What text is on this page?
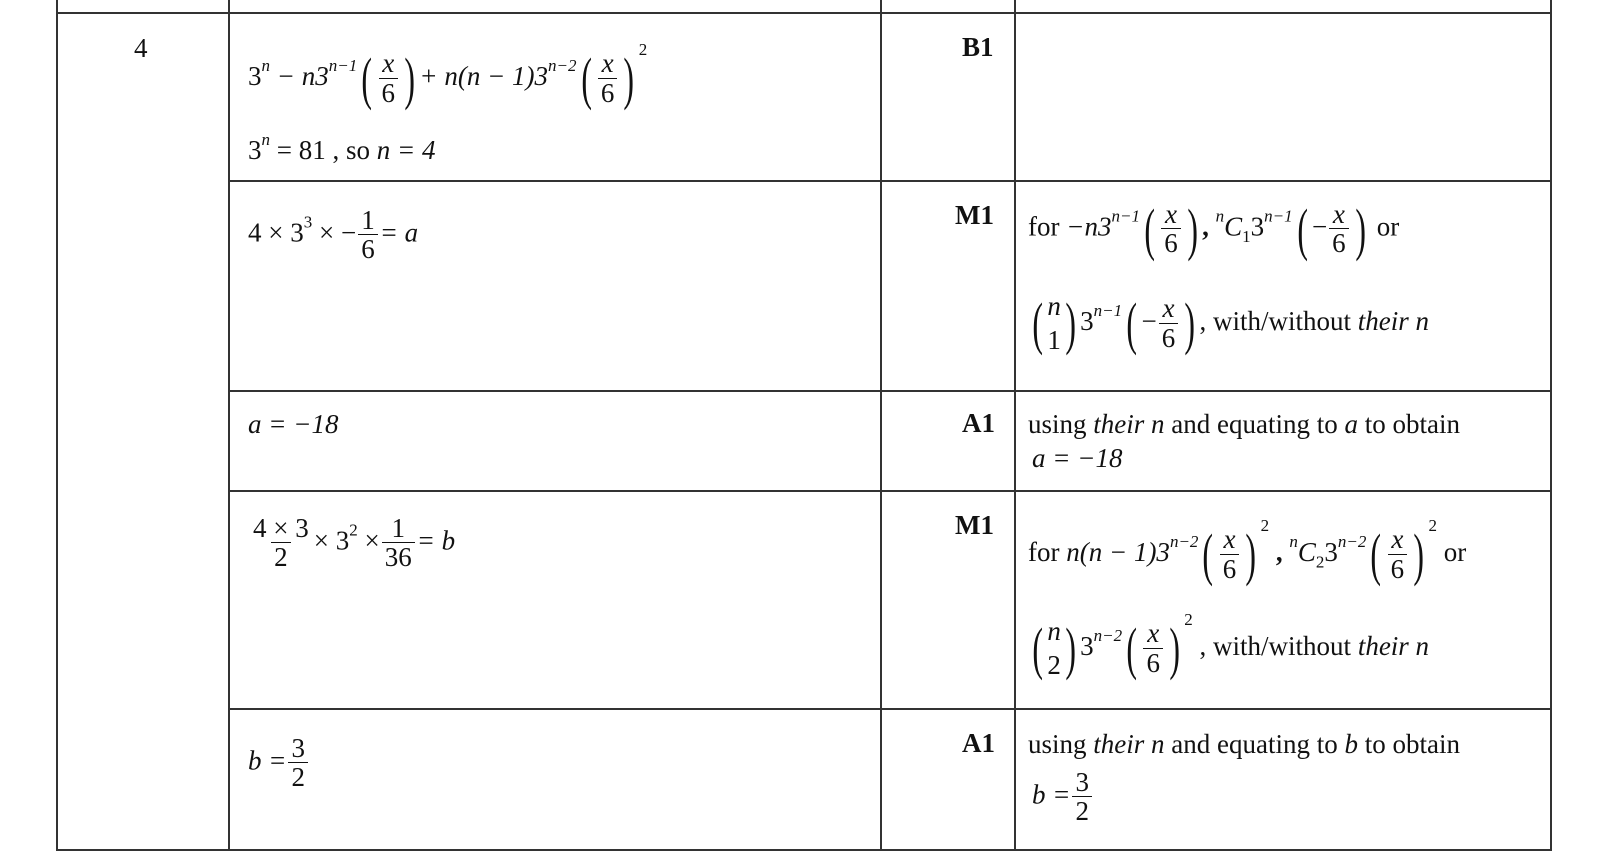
4
$3^n - n3^{n-1}( \frac{x}{6}$ ) + $n(n - 1)3^{n-2}( \frac{x}{6}$ ) $^2$
$3^n = 81$ , so n = 4
B1
$4 \times 3^3$ × − $\frac{1}{6} = a$
M1 for $-n3^{n-1}( \frac{x}{6}$ ) , $^nC_13^{n-1}( - \frac{x}{6}$ ) or
( n
1 ) $3^{n-1}( - \frac{x}{6}$ ) , with/without their n
a = −18	A1 using their n and equating to a to obtain
a = −18
$\frac{4 \times 3}{2} \times 3^2 \times \frac{1}{36} = b$
M1
for $n(n - 1)3^{n-2}( \frac{x}{6}$ ) $^2$ , $^nC_23^{n-2}( \frac{x}{6}$ ) $^2$ or
( n
2 ) $3^{n-2}( \frac{x}{6}$ ) $^2$ , with/without their n
$b = \frac{3}{2}$	A1 using their n and equating to b to obtain
$b = \frac{3}{2}$
